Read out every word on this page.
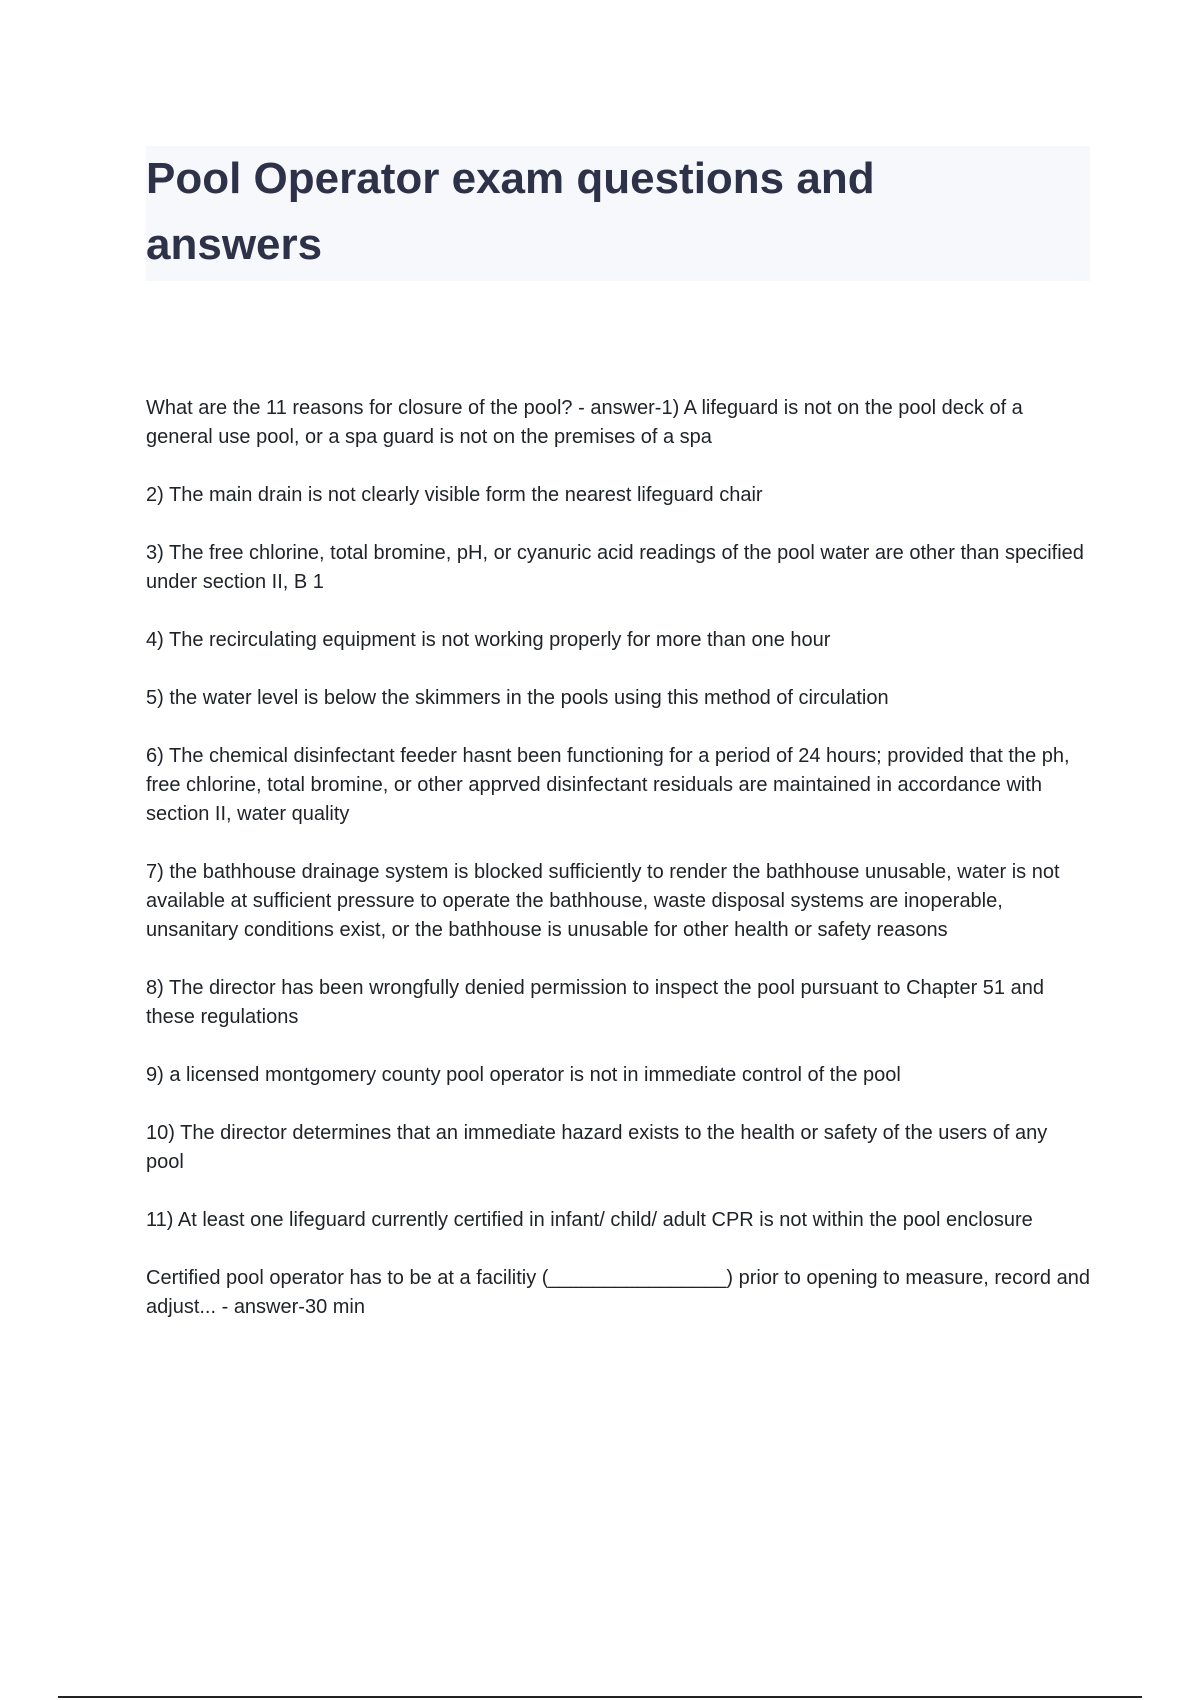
Pool Operator exam questions and answers

What are the 11 reasons for closure of the pool? - answer-1) A lifeguard is not on the pool deck of a general use pool, or a spa guard is not on the premises of a spa

2) The main drain is not clearly visible form the nearest lifeguard chair

3) The free chlorine, total bromine, pH, or cyanuric acid readings of the pool water are other than specified under section II, B 1

4) The recirculating equipment is not working properly for more than one hour

5) the water level is below the skimmers in the pools using this method of circulation

6) The chemical disinfectant feeder hasnt been functioning for a period of 24 hours; provided that the ph, free chlorine, total bromine, or other apprved disinfectant residuals are maintained in accordance with section II, water quality

7) the bathhouse drainage system is blocked sufficiently to render the bathhouse unusable, water is not available at sufficient pressure to operate the bathhouse, waste disposal systems are inoperable, unsanitary conditions exist, or the bathhouse is unusable for other health or safety reasons

8) The director has been wrongfully denied permission to inspect the pool pursuant to Chapter 51 and these regulations

9) a licensed montgomery county pool operator is not in immediate control of the pool

10) The director determines that an immediate hazard exists to the health or safety of the users of any pool

11) At least one lifeguard currently certified in infant/ child/ adult CPR is not within the pool enclosure

Certified pool operator has to be at a facilitiy (________________) prior to opening to measure, record and adjust... - answer-30 min
